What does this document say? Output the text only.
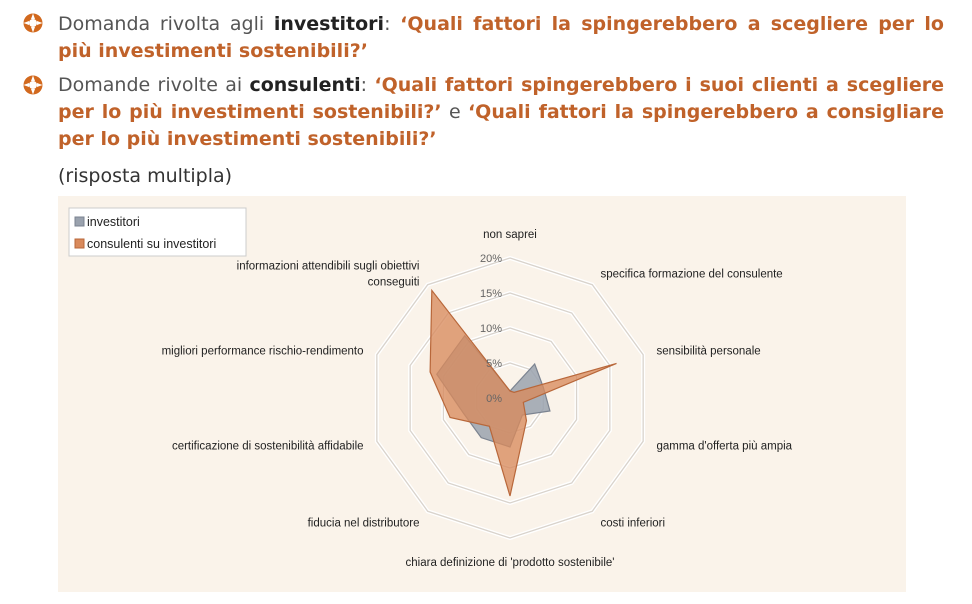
Domanda rivolta agli investitori: ‘Quali fattori la spingerebbero a scegliere per lo più investimenti sostenibili?’
Domande rivolte ai consulenti: ‘Quali fattori spingerebbero i suoi clienti a scegliere per lo più investimenti sostenibili?’ e ‘Quali fattori la spingerebbero a consigliare per lo più investimenti sostenibili?’
(risposta multipla)
0%
5%
10%
15%
20%
non saprei
specifica formazione del consulente
sensibilità personale
gamma d'offerta più ampia
costi inferiori
chiara definizione di 'prodotto sostenibile'
fiducia nel distributore
certificazione di sostenibilità affidabile
migliori performance rischio-rendimento
informazioni attendibili sugli obiettivi
conseguiti
investitori
consulenti su investitori
